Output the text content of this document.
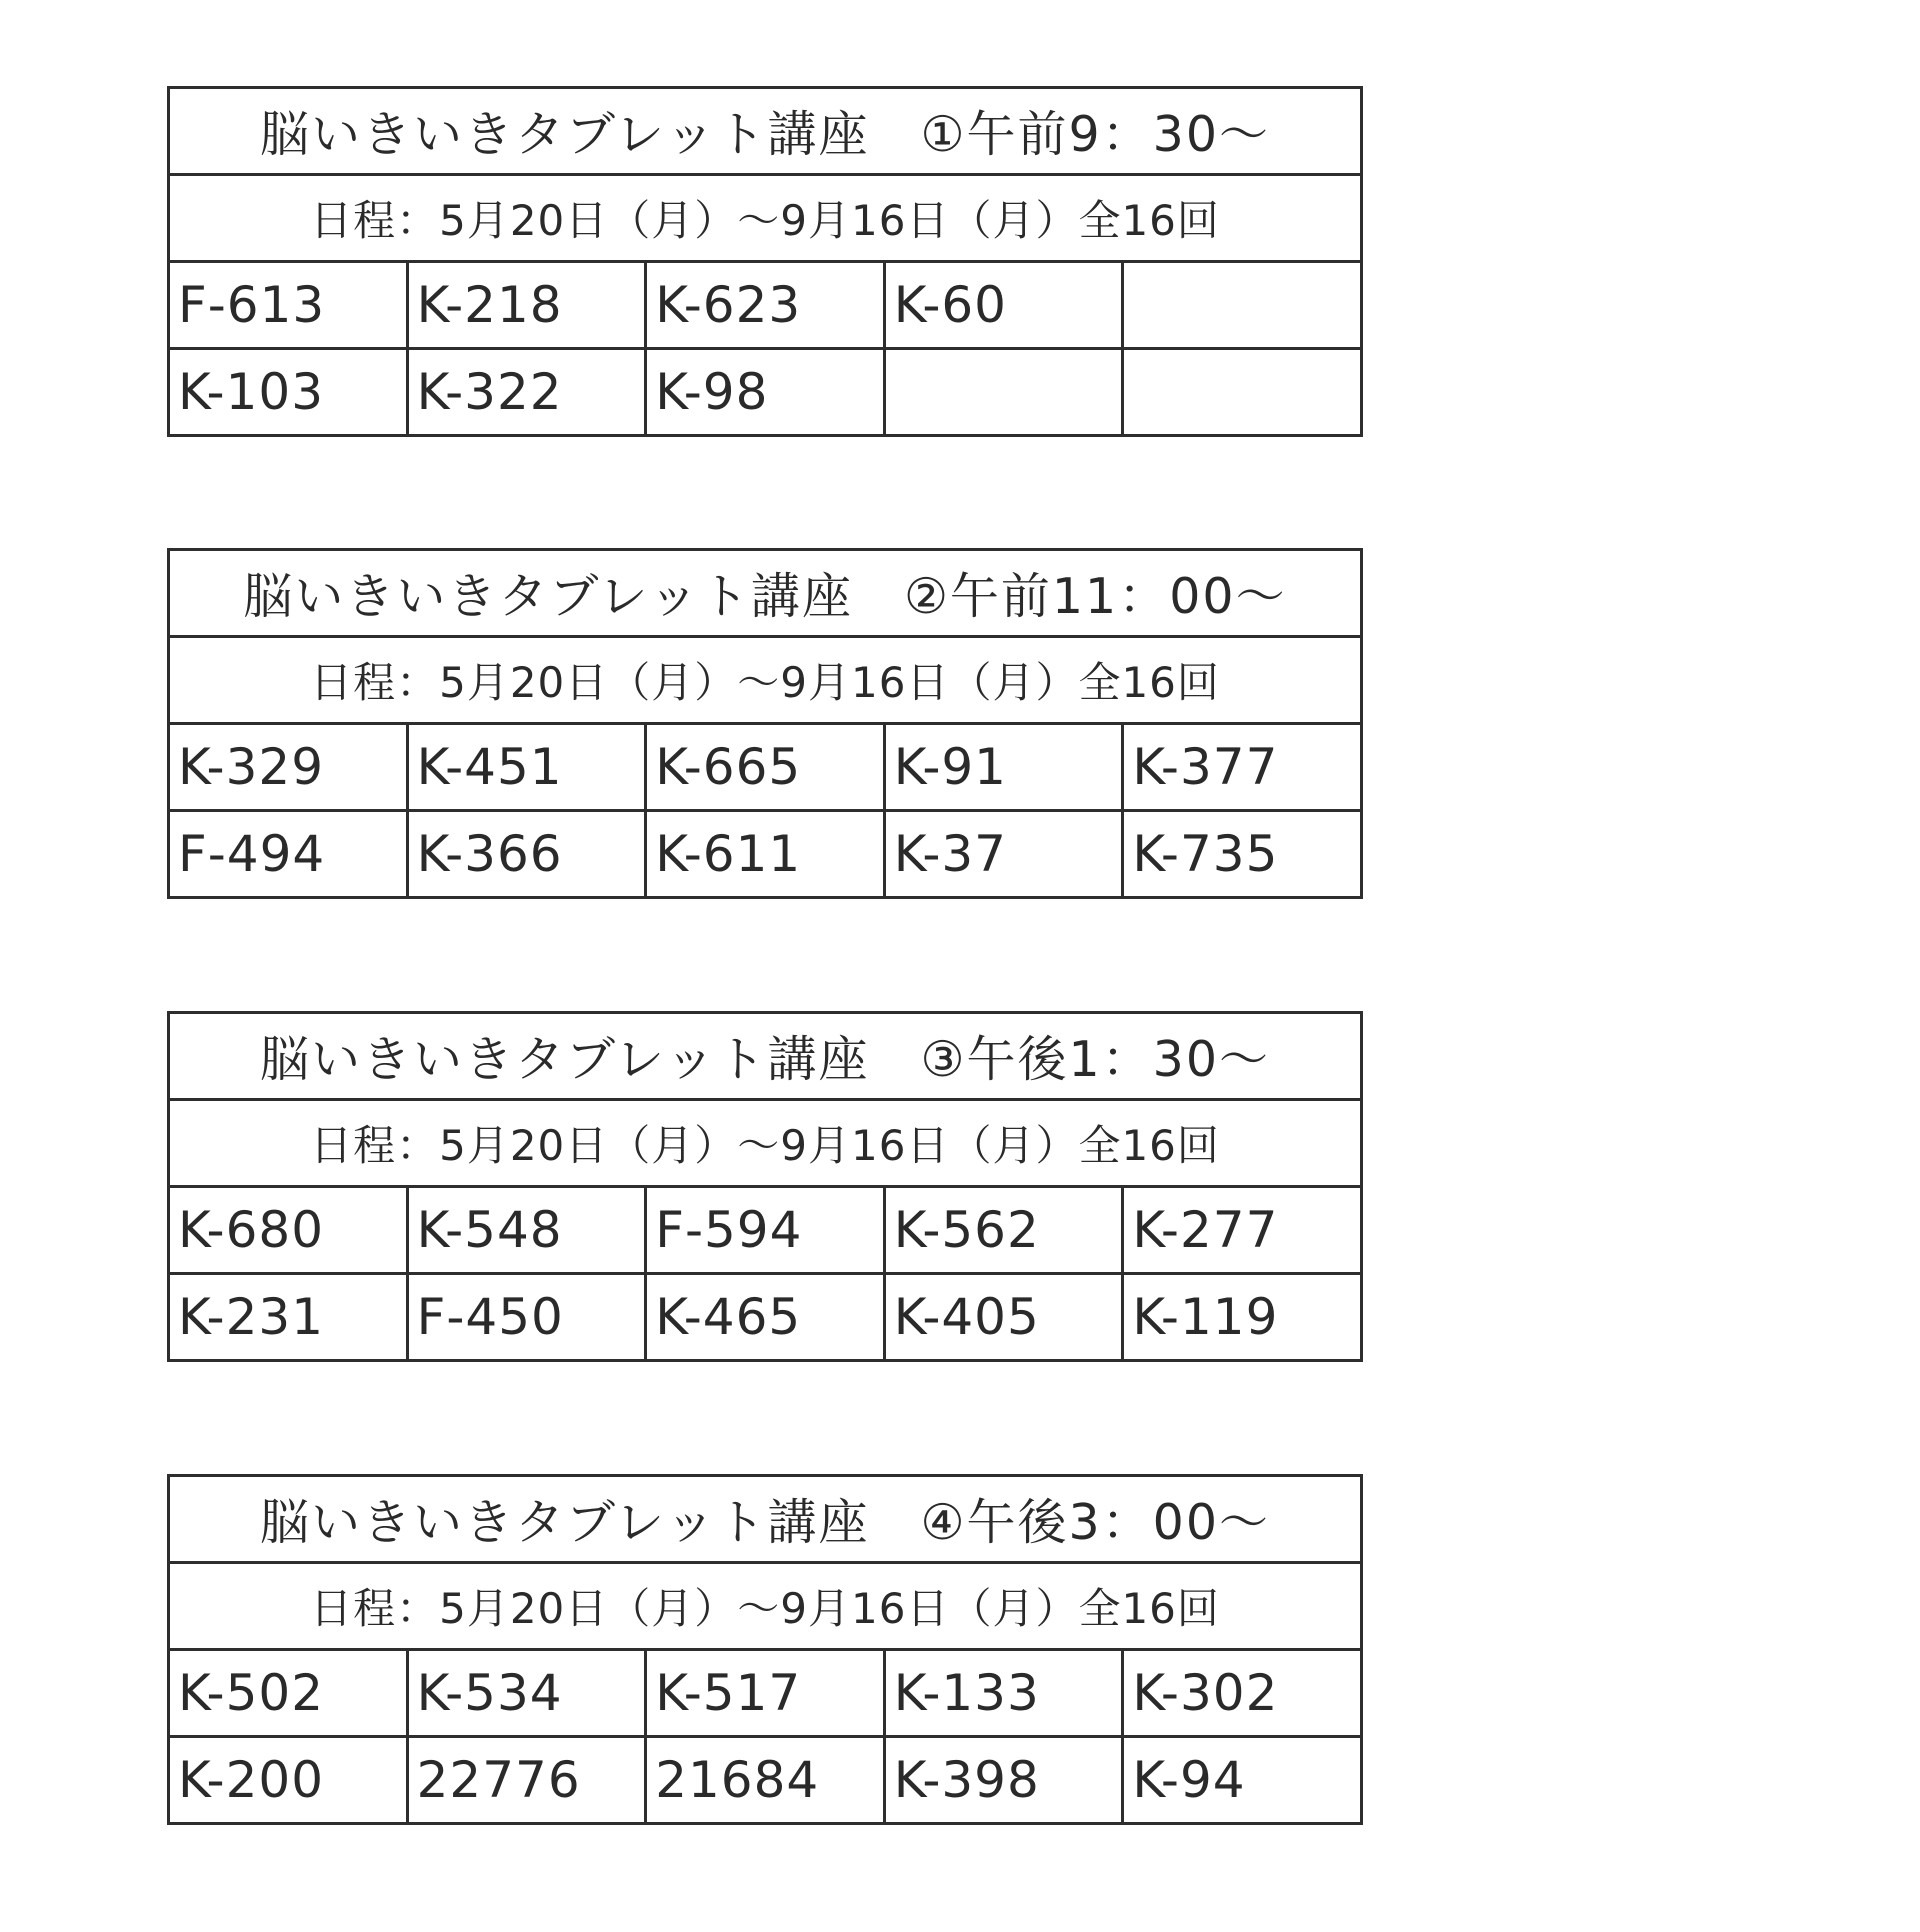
脳いきいきタブレット講座　①午前9：30～				
日程：5月20日（月）～9月16日（月）全16回				
F-613	K-218	K-623	K-60	
K-103	K-322	K-98		
脳いきいきタブレット講座　②午前11：00～				
日程：5月20日（月）～9月16日（月）全16回				
K-329	K-451	K-665	K-91	K-377
F-494	K-366	K-611	K-37	K-735
脳いきいきタブレット講座　③午後1：30～				
日程：5月20日（月）～9月16日（月）全16回				
K-680	K-548	F-594	K-562	K-277
K-231	F-450	K-465	K-405	K-119
脳いきいきタブレット講座　④午後3：00～				
日程：5月20日（月）～9月16日（月）全16回				
K-502	K-534	K-517	K-133	K-302
K-200	22776	21684	K-398	K-94
